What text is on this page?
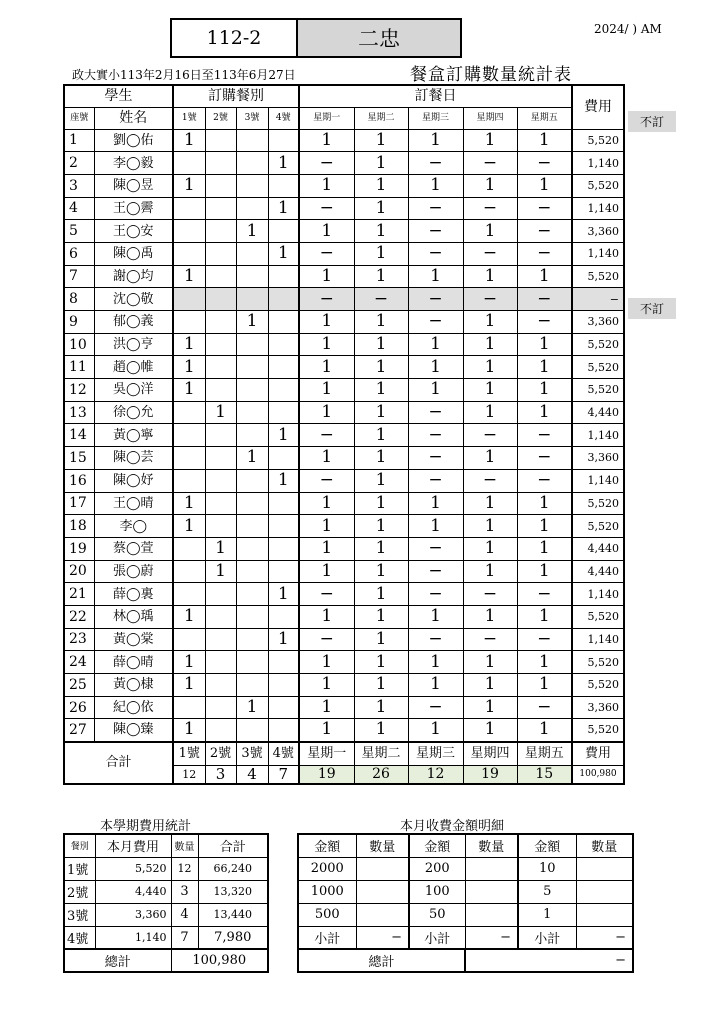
112-2	二忠	2024/ ) AM
政大實小113年2月16日至113年6月27日	餐盒訂購數量統計表
學生		訂購餐別				訂餐日					費用
座號	姓名	1號	2號	3號	4號	星期一	星期二	星期三	星期四	星期五	
1	劉◯佑	1				1	1	1	1	1	5,520
2	李◯毅				1	−	1	−	−	−	1,140
3	陳◯昱	1				1	1	1	1	1	5,520
4	王◯霽				1	−	1	−	−	−	1,140
5	王◯安			1		1	1	−	1	−	3,360
6	陳◯禹				1	−	1	−	−	−	1,140
7	謝◯均	1				1	1	1	1	1	5,520
8	沈◯敬					−	−	−	−	−	−
9	郁◯義			1		1	1	−	1	−	3,360
10	洪◯亨	1				1	1	1	1	1	5,520
11	趙◯帷	1				1	1	1	1	1	5,520
12	吳◯洋	1				1	1	1	1	1	5,520
13	徐◯允		1			1	1	−	1	1	4,440
14	黃◯寧				1	−	1	−	−	−	1,140
15	陳◯芸			1		1	1	−	1	−	3,360
16	陳◯妤				1	−	1	−	−	−	1,140
17	王◯晴	1				1	1	1	1	1	5,520
18	李◯	1				1	1	1	1	1	5,520
19	蔡◯萱		1			1	1	−	1	1	4,440
20	張◯蔚		1			1	1	−	1	1	4,440
21	薛◯裏				1	−	1	−	−	−	1,140
22	林◯瑀	1				1	1	1	1	1	5,520
23	黃◯棠				1	−	1	−	−	−	1,140
24	薛◯晴	1				1	1	1	1	1	5,520
25	黃◯棣	1				1	1	1	1	1	5,520
26	紀◯依			1		1	1	−	1	−	3,360
27	陳◯臻	1				1	1	1	1	1	5,520
合計		1號	2號	3號	4號	星期一	星期二	星期三	星期四	星期五	費用
		12	3	4	7	19	26	12	19	15	100,980
不訂
不訂
本學期費用統計	本月收費金額明細
餐別	本月費用	數量	合計
1號	5,520	12	66,240
2號	4,440	3	13,320
3號	3,360	4	13,440
4號	1,140	7	7,980
總計		100,980	
金額	數量	金額	數量	金額	數量
2000		200		10	
1000		100		5	
500		50		1	
小計	−	小計	−	小計	−
總計			−		
